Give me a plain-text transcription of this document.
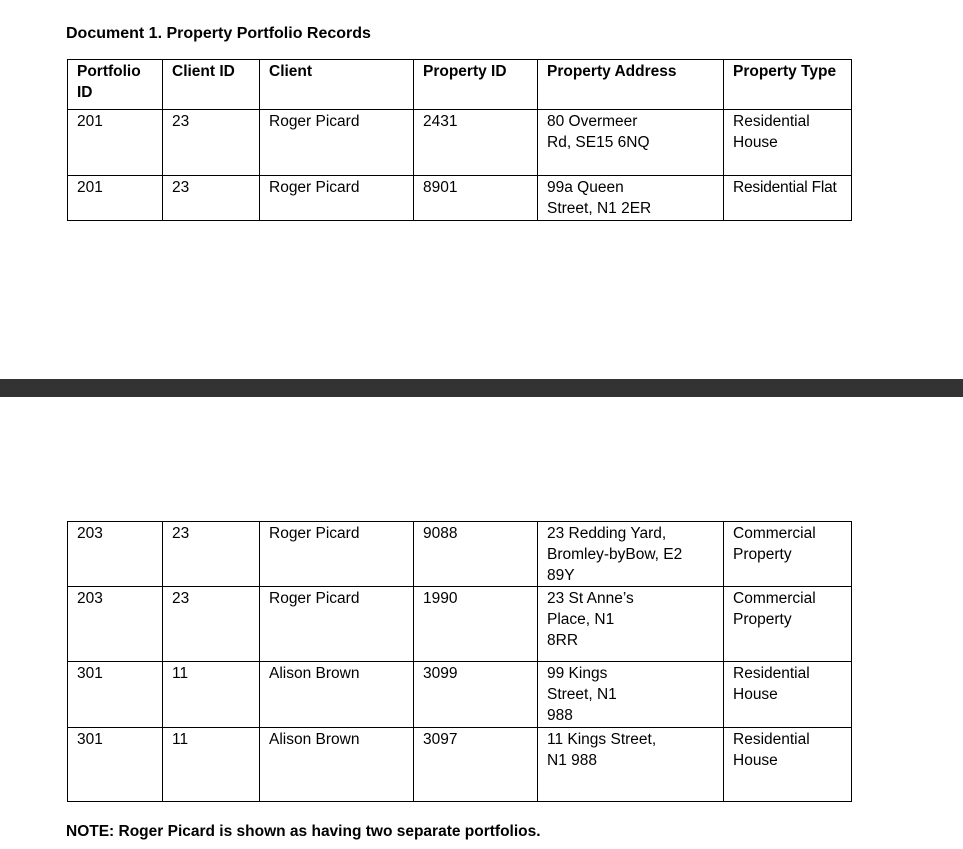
Document 1. Property Portfolio Records
Portfolio ID	Client ID	Client	Property ID	Property Address	Property Type
201	23	Roger Picard	2431	80 Overmeer Rd, SE15 6NQ	Residential House
201	23	Roger Picard	8901	99a Queen Street, N1 2ER	Residential Flat
203	23	Roger Picard	9088	23 Redding Yard, Bromley-byBow, E2 89Y	Commercial Property
203	23	Roger Picard	1990	23 St Anne’s Place, N1 8RR	Commercial Property
301	11	Alison Brown	3099	99 Kings Street, N1 988	Residential House
301	11	Alison Brown	3097	11 Kings Street, N1 988	Residential House
NOTE: Roger Picard is shown as having two separate portfolios.
